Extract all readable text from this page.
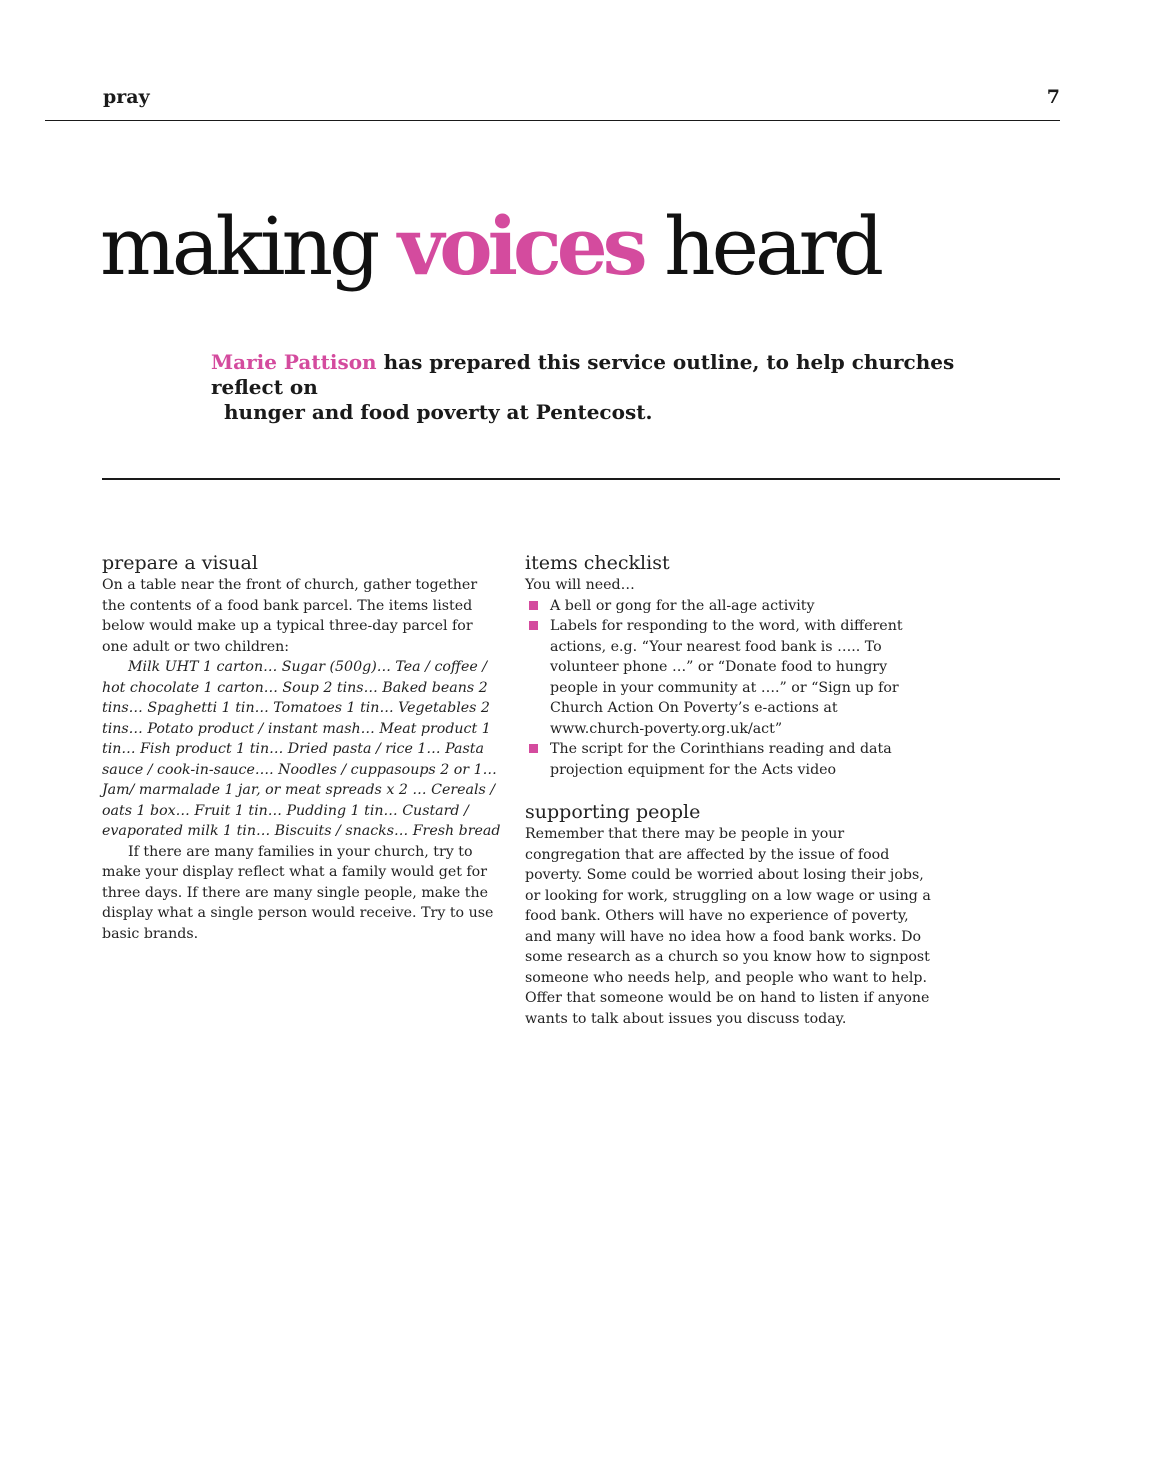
pray	7
making voices heard

Marie Pattison has prepared this service outline, to help churches reflect on
hunger and food poverty at Pentecost.

prepare a visual

On a table near the front of church, gather together the contents of a food bank parcel. The items listed below would make up a typical three-day parcel for one adult or two children:

Milk UHT 1 carton… Sugar (500g)… Tea / coffee / hot chocolate 1 carton… Soup 2 tins… Baked beans 2 tins… Spaghetti 1 tin… Tomatoes 1 tin… Vegetables 2 tins… Potato product / instant mash… Meat product 1 tin… Fish product 1 tin… Dried pasta / rice 1… Pasta sauce / cook-in-sauce…. Noodles / cuppasoups 2 or 1… Jam/ marmalade 1 jar, or meat spreads x 2 … Cereals / oats 1 box… Fruit 1 tin… Pudding 1 tin… Custard / evaporated milk 1 tin… Biscuits / snacks… Fresh bread

If there are many families in your church, try to make your display reflect what a family would get for three days. If there are many single people, make the display what a single person would receive. Try to use basic brands.

items checklist

You will need…

A bell or gong for the all-age activity
Labels for responding to the word, with different actions, e.g. “Your nearest food bank is ….. To volunteer phone …” or “Donate food to hungry people in your community at ….” or “Sign up for Church Action On Poverty’s e-actions at www.church-poverty.org.uk/act”
The script for the Corinthians reading and data projection equipment for the Acts video
supporting people

Remember that there may be people in your congregation that are affected by the issue of food poverty. Some could be worried about losing their jobs, or looking for work, struggling on a low wage or using a food bank. Others will have no experience of poverty, and many will have no idea how a food bank works. Do some research as a church so you know how to signpost someone who needs help, and people who want to help. Offer that someone would be on hand to listen if anyone wants to talk about issues you discuss today.
